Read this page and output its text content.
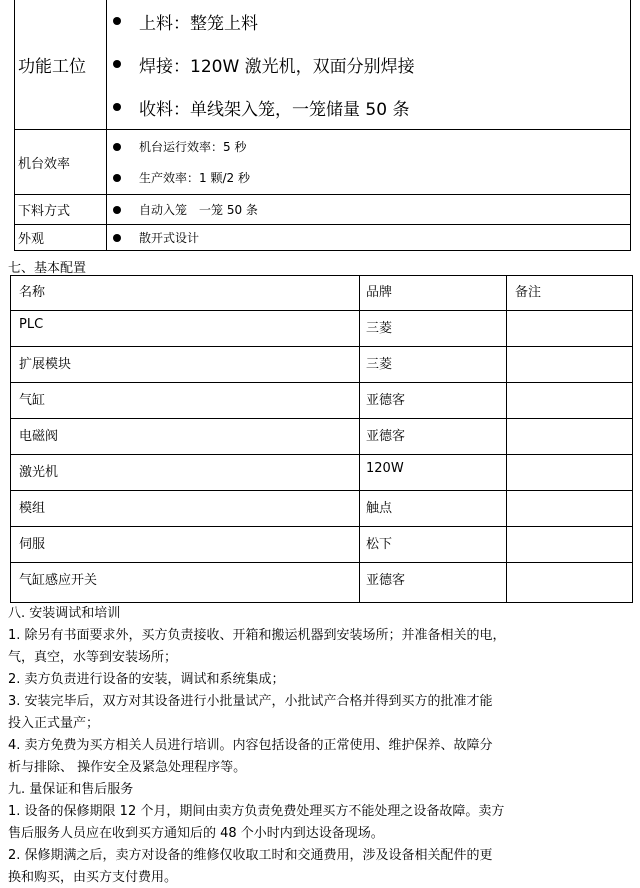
功能工位	上料：整笼上料
焊接：120W 激光机，双面分别焊接
收料：单线架入笼，一笼储量 50 条

机台效率	机台运行效率：5 秒
生产效率：1 颗/2 秒

下料方式	自动入笼　一笼 50 条

外观	散开式设计
七、基本配置
名称	品牌	备注
PLC	三菱	
扩展模块	三菱	
气缸	亚德客	
电磁阀	亚德客	
激光机	120W	
模组	触点	
伺服	松下	
气缸感应开关	亚德客	

八. 安装调试和培训

1. 除另有书面要求外，买方负责接收、开箱和搬运机器到安装场所；并准备相关的电，

气，真空，水等到安装场所；

2. 卖方负责进行设备的安装，调试和系统集成；

3. 安装完毕后，双方对其设备进行小批量试产，小批试产合格并得到买方的批准才能

投入正式量产；

4. 卖方免费为买方相关人员进行培训。内容包括设备的正常使用、维护保养、故障分

析与排除、 操作安全及紧急处理程序等。

九. 量保证和售后服务

1. 设备的保修期限 12 个月，期间由卖方负责免费处理买方不能处理之设备故障。卖方

售后服务人员应在收到买方通知后的 48 个小时内到达设备现场。

2. 保修期满之后，卖方对设备的维修仅收取工时和交通费用，涉及设备相关配件的更

换和购买，由买方支付费用。
